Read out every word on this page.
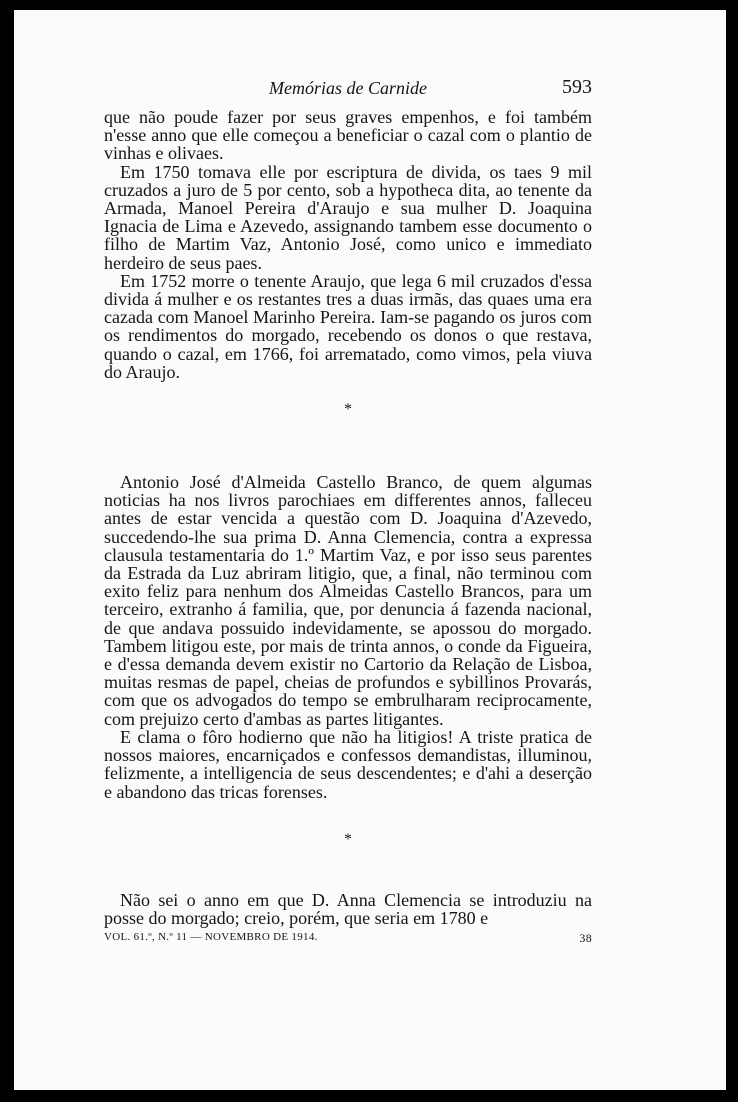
Memórias de Carnide	593

que não poude fazer por seus graves empenhos, e foi também n'esse anno que elle começou a beneficiar o cazal com o plantio de vinhas e olivaes.

Em 1750 tomava elle por escriptura de divida, os taes 9 mil cruzados a juro de 5 por cento, sob a hypotheca dita, ao tenente da Armada, Manoel Pereira d'Araujo e sua mulher D. Joaquina Ignacia de Lima e Azevedo, assignando tambem esse documento o filho de Martim Vaz, Antonio José, como unico e immediato herdeiro de seus paes.

Em 1752 morre o tenente Araujo, que lega 6 mil cruzados d'essa divida á mulher e os restantes tres a duas irmãs, das quaes uma era cazada com Manoel Marinho Pereira. Iam-se pagando os juros com os rendimentos do morgado, recebendo os donos o que restava, quando o cazal, em 1766, foi arrematado, como vimos, pela viuva do Araujo.

*

Antonio José d'Almeida Castello Branco, de quem algumas noticias ha nos livros parochiaes em differentes annos, falleceu antes de estar vencida a questão com D. Joaquina d'Azevedo, succedendo-lhe sua prima D. Anna Clemencia, contra a expressa clausula testamentaria do 1.º Martim Vaz, e por isso seus parentes da Estrada da Luz abriram litigio, que, a final, não terminou com exito feliz para nenhum dos Almeidas Castello Brancos, para um terceiro, extranho á familia, que, por denuncia á fazenda nacional, de que andava possuido indevidamente, se apossou do morgado. Tambem litigou este, por mais de trinta annos, o conde da Figueira, e d'essa demanda devem existir no Cartorio da Relação de Lisboa, muitas resmas de papel, cheias de profundos e sybillinos Provarás, com que os advogados do tempo se embrulharam reciprocamente, com prejuizo certo d'ambas as partes litigantes.

E clama o fôro hodierno que não ha litigios! A triste pratica de nossos maiores, encarniçados e confessos demandistas, illuminou, felizmente, a intelligencia de seus descendentes; e d'ahi a deserção e abandono das tricas forenses.

*

Não sei o anno em que D. Anna Clemencia se introduziu na posse do morgado; creio, porém, que seria em 1780 e

VOL. 61.º, N.º 11 — NOVEMBRO DE 1914.	38
